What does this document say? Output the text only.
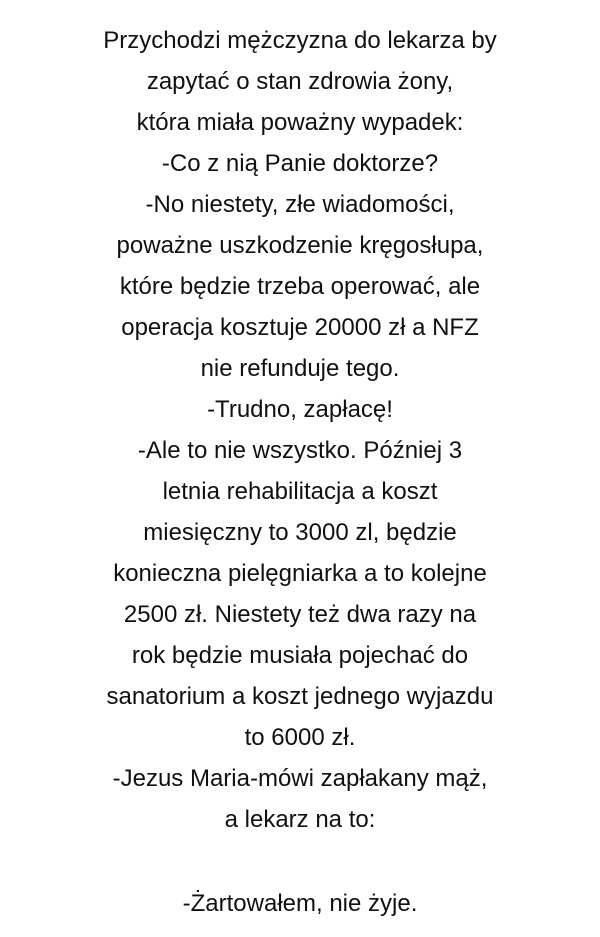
Przychodzi mężczyzna do lekarza by
zapytać o stan zdrowia żony,
która miała poważny wypadek:
-Co z nią Panie doktorze?
-No niestety, złe wiadomości,
poważne uszkodzenie kręgosłupa,
które będzie trzeba operować, ale
operacja kosztuje 20000 zł a NFZ
nie refunduje tego.
-Trudno, zapłacę!
-Ale to nie wszystko. Później 3
letnia rehabilitacja a koszt
miesięczny to 3000 zl, będzie
konieczna pielęgniarka a to kolejne
2500 zł. Niestety też dwa razy na
rok będzie musiała pojechać do
sanatorium a koszt jednego wyjazdu
to 6000 zł.
-Jezus Maria-mówi zapłakany mąż,
a lekarz na to:
-Żartowałem, nie żyje.
